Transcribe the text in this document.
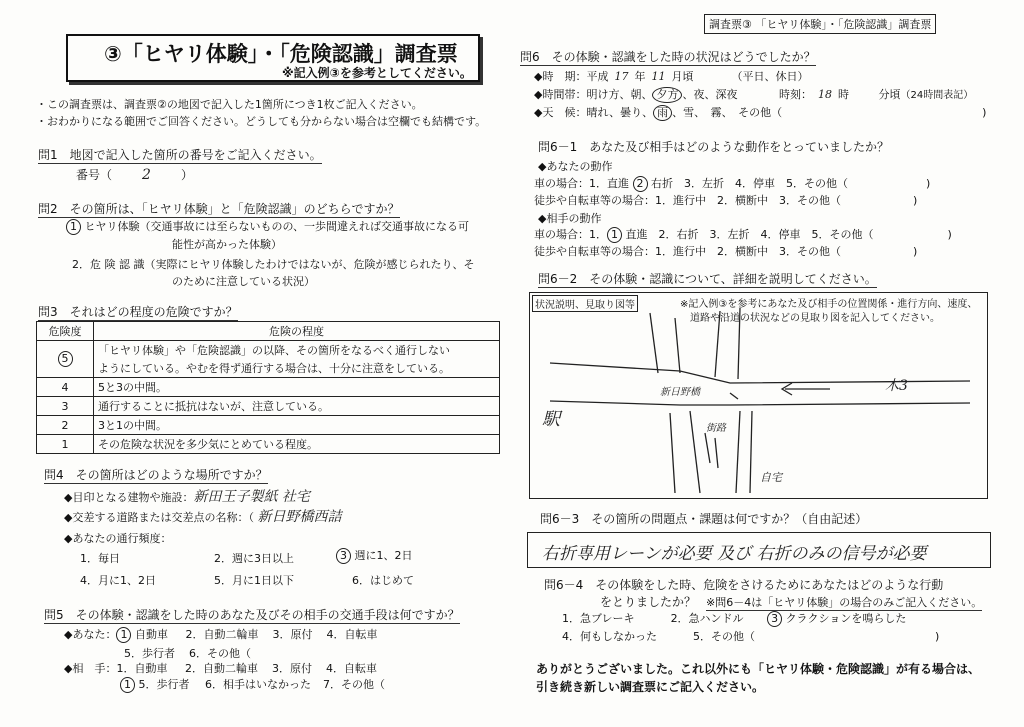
③「ヒヤリ体験」・「危険認識」調査票
※記入例③を参考としてください。
・この調査票は、調査票②の地図で記入した1箇所につき1枚ご記入ください。
・おわかりになる範囲でご回答ください。どうしても分からない場合は空欄でも結構です。
問1　地図で記入した箇所の番号をご記入ください。
番号（ 2	）
問2　その箇所は、「ヒヤリ体験」と「危険認識」のどちらですか？
1 ヒヤリ体験（交通事故には至らないものの、一歩間違えれば交通事故になる可
能性が高かった体験）
2．危 険 認 識（実際にヒヤリ体験したわけではないが、危険が感じられたり、そ
のために注意している状況）
問3　それはどの程度の危険ですか？
危険度	危険の程度
5	「ヒヤリ体験」や「危険認識」の以降、その箇所をなるべく通行しない
	ようにしている。やむを得ず通行する場合は、十分に注意をしている。
4	5と3の中間。
3	通行することに抵抗はないが、注意している。
2	3と1の中間。
1	その危険な状況を多少気にとめている程度。
問4　その箇所はどのような場所ですか？
◆目印となる建物や施設：新田王子製紙 社宅
◆交差する道路または交差点の名称：（ 新日野橋西詰
◆あなたの通行頻度：
1．毎日	2．週に3日以上	3 週に1、2日
4．月に1、2日	5．月に1日以下	6．はじめて
問5　その体験・認識をした時のあなた及びその相手の交通手段は何ですか？
◆あなた： 1 自動車 2．自動二輪車 3．原付 4．自転車
5．歩行者 6．その他（
◆相　手：1．自動車 2．自動二輪車 3．原付 4．自転車
1 5．歩行者 6．相手はいなかった 7．その他（
調査票③ 「ヒヤリ体験」・「危険認識」調査票
問6　その体験・認識をした時の状況はどうでしたか？
◆時　期：平成 17 年 11 月頃	（平日、休日）
◆時間帯：明け方、朝、 夕方 、夜、深夜	時刻： 18 時	分頃（24時間表記）
◆天　候：晴れ、曇り、 雨 、雪、　霧、　その他（	)
問6－1　あなた及び相手はどのような動作をとっていましたか？
◆あなたの動作
車の場合：1．直進 2 右折　3．左折　4．停車　5．その他（	)
徒歩や自転車等の場合：1．進行中　2．横断中　3．その他（	)
◆相手の動作
車の場合：1． 1 直進　2．右折　3．左折　4．停車　5．その他（	)
徒歩や自転車等の場合：1．進行中　2．横断中　3．その他（	)
問6－2　その体験・認識について、詳細を説明してください。
状況説明、見取り図等	※記入例③を参考にあなた及び相手の位置関係・進行方向、速度、
道路や沿道の状況などの見取り図を記入してください。
駅
新日野橋	木3
街路
自宅
問6－3　その箇所の問題点・課題は何ですか？（自由記述）
右折専用レーンが必要 及び 右折のみの信号が必要
問6－4　その体験をした時、危険をさけるためにあなたはどのような行動
をとりましたか？ ※問6－4は「ヒヤリ体験」の場合のみご記入ください。
1．急ブレーキ	2．急ハンドル	3 クラクションを鳴らした
4．何もしなかった	5．その他（	)
ありがとうございました。これ以外にも「ヒヤリ体験・危険認識」が有る場合は、
引き続き新しい調査票にご記入ください。
